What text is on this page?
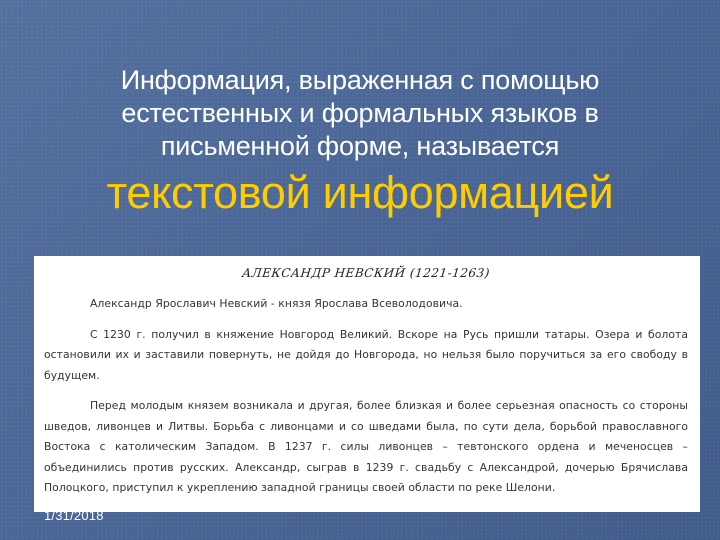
Информация, выраженная с помощью
естественных и формальных языков в
письменной форме, называется
текстовой информацией
АЛЕКСАНДР НЕВСКИЙ (1221-1263)

Александр Ярославич Невский - князя Ярослава Всеволодовича.

С 1230 г. получил в княжение Новгород Великий. Вскоре на Русь пришли татары. Озера и болота остановили их и заставили повернуть, не дойдя до Новгорода, но нельзя было поручиться за его свободу в будущем.

Перед молодым князем возникала и другая, более близкая и более серьезная опасность со стороны шведов, ливонцев и Литвы. Борьба с ливонцами и со шведами была, по сути дела, борьбой православного Востока с католическим Западом. В 1237 г. силы ливонцев – тевтонского ордена и меченосцев – объединились против русских. Александр, сыграв в 1239 г. свадьбу с Александрой, дочерью Брячислава Полоцкого, приступил к укреплению западной границы своей области по реке Шелони.

1/31/2018
